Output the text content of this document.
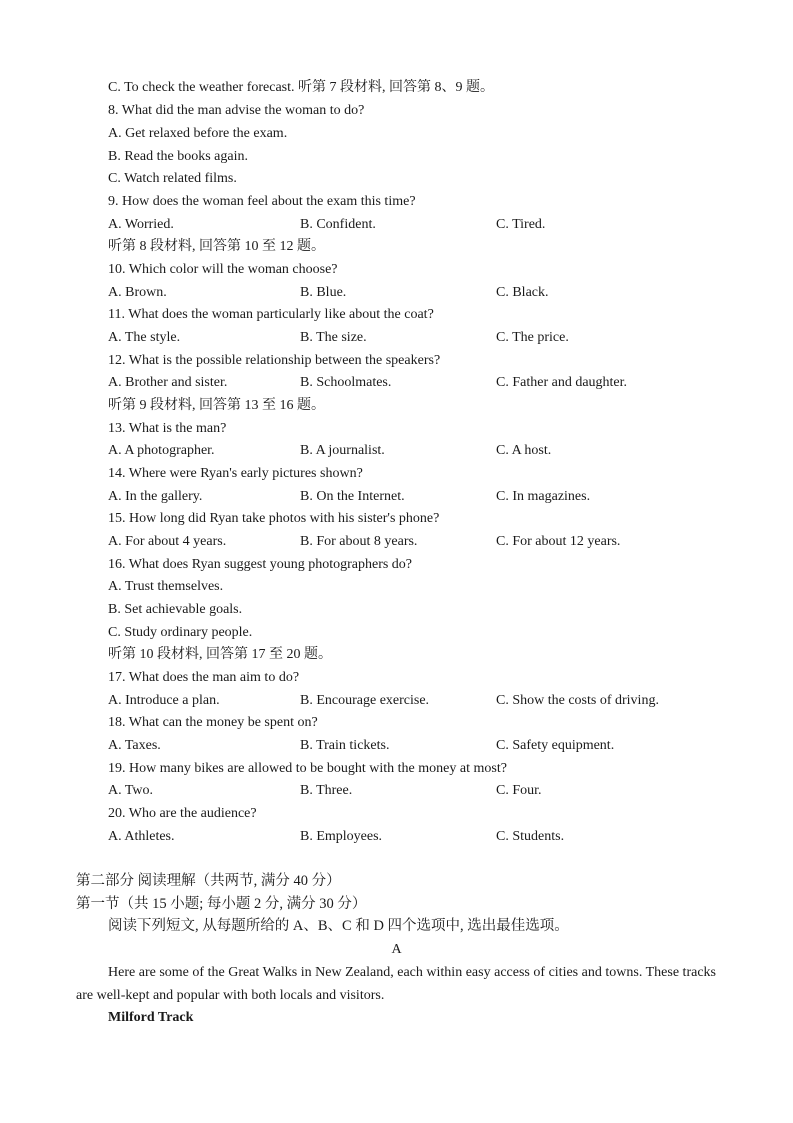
C. To check the weather forecast. 听第 7 段材料, 回答第 8、9 题。
8. What did the man advise the woman to do?
A. Get relaxed before the exam.
B. Read the books again.
C. Watch related films.
9. How does the woman feel about the exam this time?
A. Worried.	B. Confident.	C. Tired.
听第 8 段材料, 回答第 10 至 12 题。
10. Which color will the woman choose?
A. Brown.	B. Blue.	C. Black.
11. What does the woman particularly like about the coat?
A. The style.	B. The size.	C. The price.
12. What is the possible relationship between the speakers?
A. Brother and sister.	B. Schoolmates.	C. Father and daughter.
听第 9 段材料, 回答第 13 至 16 题。
13. What is the man?
A. A photographer.	B. A journalist.	C. A host.
14. Where were Ryan's early pictures shown?
A. In the gallery.	B. On the Internet.	C. In magazines.
15. How long did Ryan take photos with his sister's phone?
A. For about 4 years.	B. For about 8 years.	C. For about 12 years.
16. What does Ryan suggest young photographers do?
A. Trust themselves.
B. Set achievable goals.
C. Study ordinary people.
听第 10 段材料, 回答第 17 至 20 题。
17. What does the man aim to do?
A. Introduce a plan.	B. Encourage exercise.	C. Show the costs of driving.
18. What can the money be spent on?
A. Taxes.	B. Train tickets.	C. Safety equipment.
19. How many bikes are allowed to be bought with the money at most?
A. Two.	B. Three.	C. Four.
20. Who are the audience?
A. Athletes.	B. Employees.	C. Students.
第二部分 阅读理解（共两节, 满分 40 分）
第一节（共 15 小题; 每小题 2 分, 满分 30 分）
阅读下列短文, 从每题所给的 A、B、C 和 D 四个选项中, 选出最佳选项。
A
Here are some of the Great Walks in New Zealand, each within easy access of cities and towns. These tracks are well-kept and popular with both locals and visitors.
Milford Track
